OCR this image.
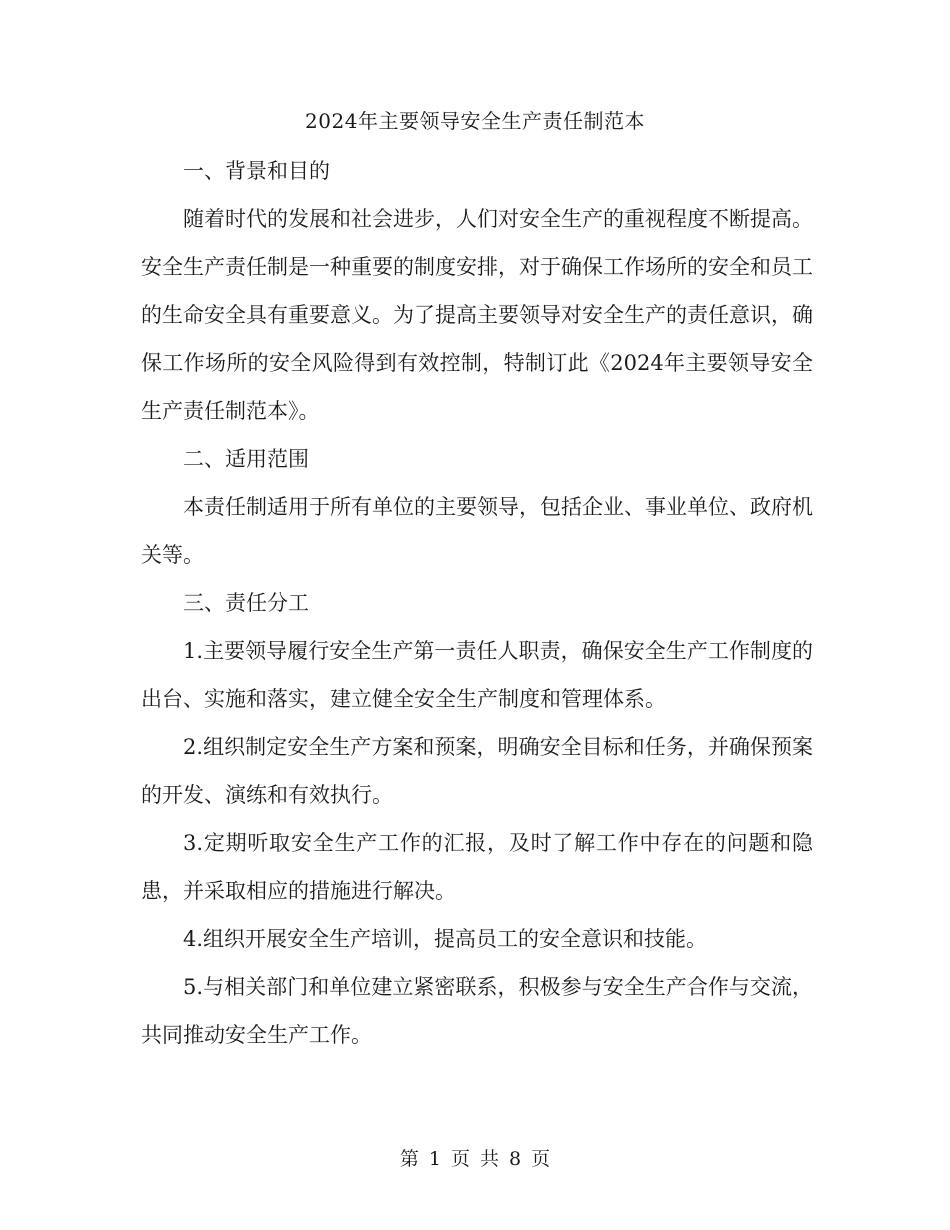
2024年主要领导安全生产责任制范本

一、背景和目的

随着时代的发展和社会进步，人们对安全生产的重视程度不断提高。安全生产责任制是一种重要的制度安排，对于确保工作场所的安全和员工的生命安全具有重要意义。为了提高主要领导对安全生产的责任意识，确保工作场所的安全风险得到有效控制，特制订此《2024年主要领导安全生产责任制范本》。

二、适用范围

本责任制适用于所有单位的主要领导，包括企业、事业单位、政府机关等。

三、责任分工

1.主要领导履行安全生产第一责任人职责，确保安全生产工作制度的出台、实施和落实，建立健全安全生产制度和管理体系。

2.组织制定安全生产方案和预案，明确安全目标和任务，并确保预案的开发、演练和有效执行。

3.定期听取安全生产工作的汇报，及时了解工作中存在的问题和隐患，并采取相应的措施进行解决。

4.组织开展安全生产培训，提高员工的安全意识和技能。

5.与相关部门和单位建立紧密联系，积极参与安全生产合作与交流，共同推动安全生产工作。

第 1 页 共 8 页
